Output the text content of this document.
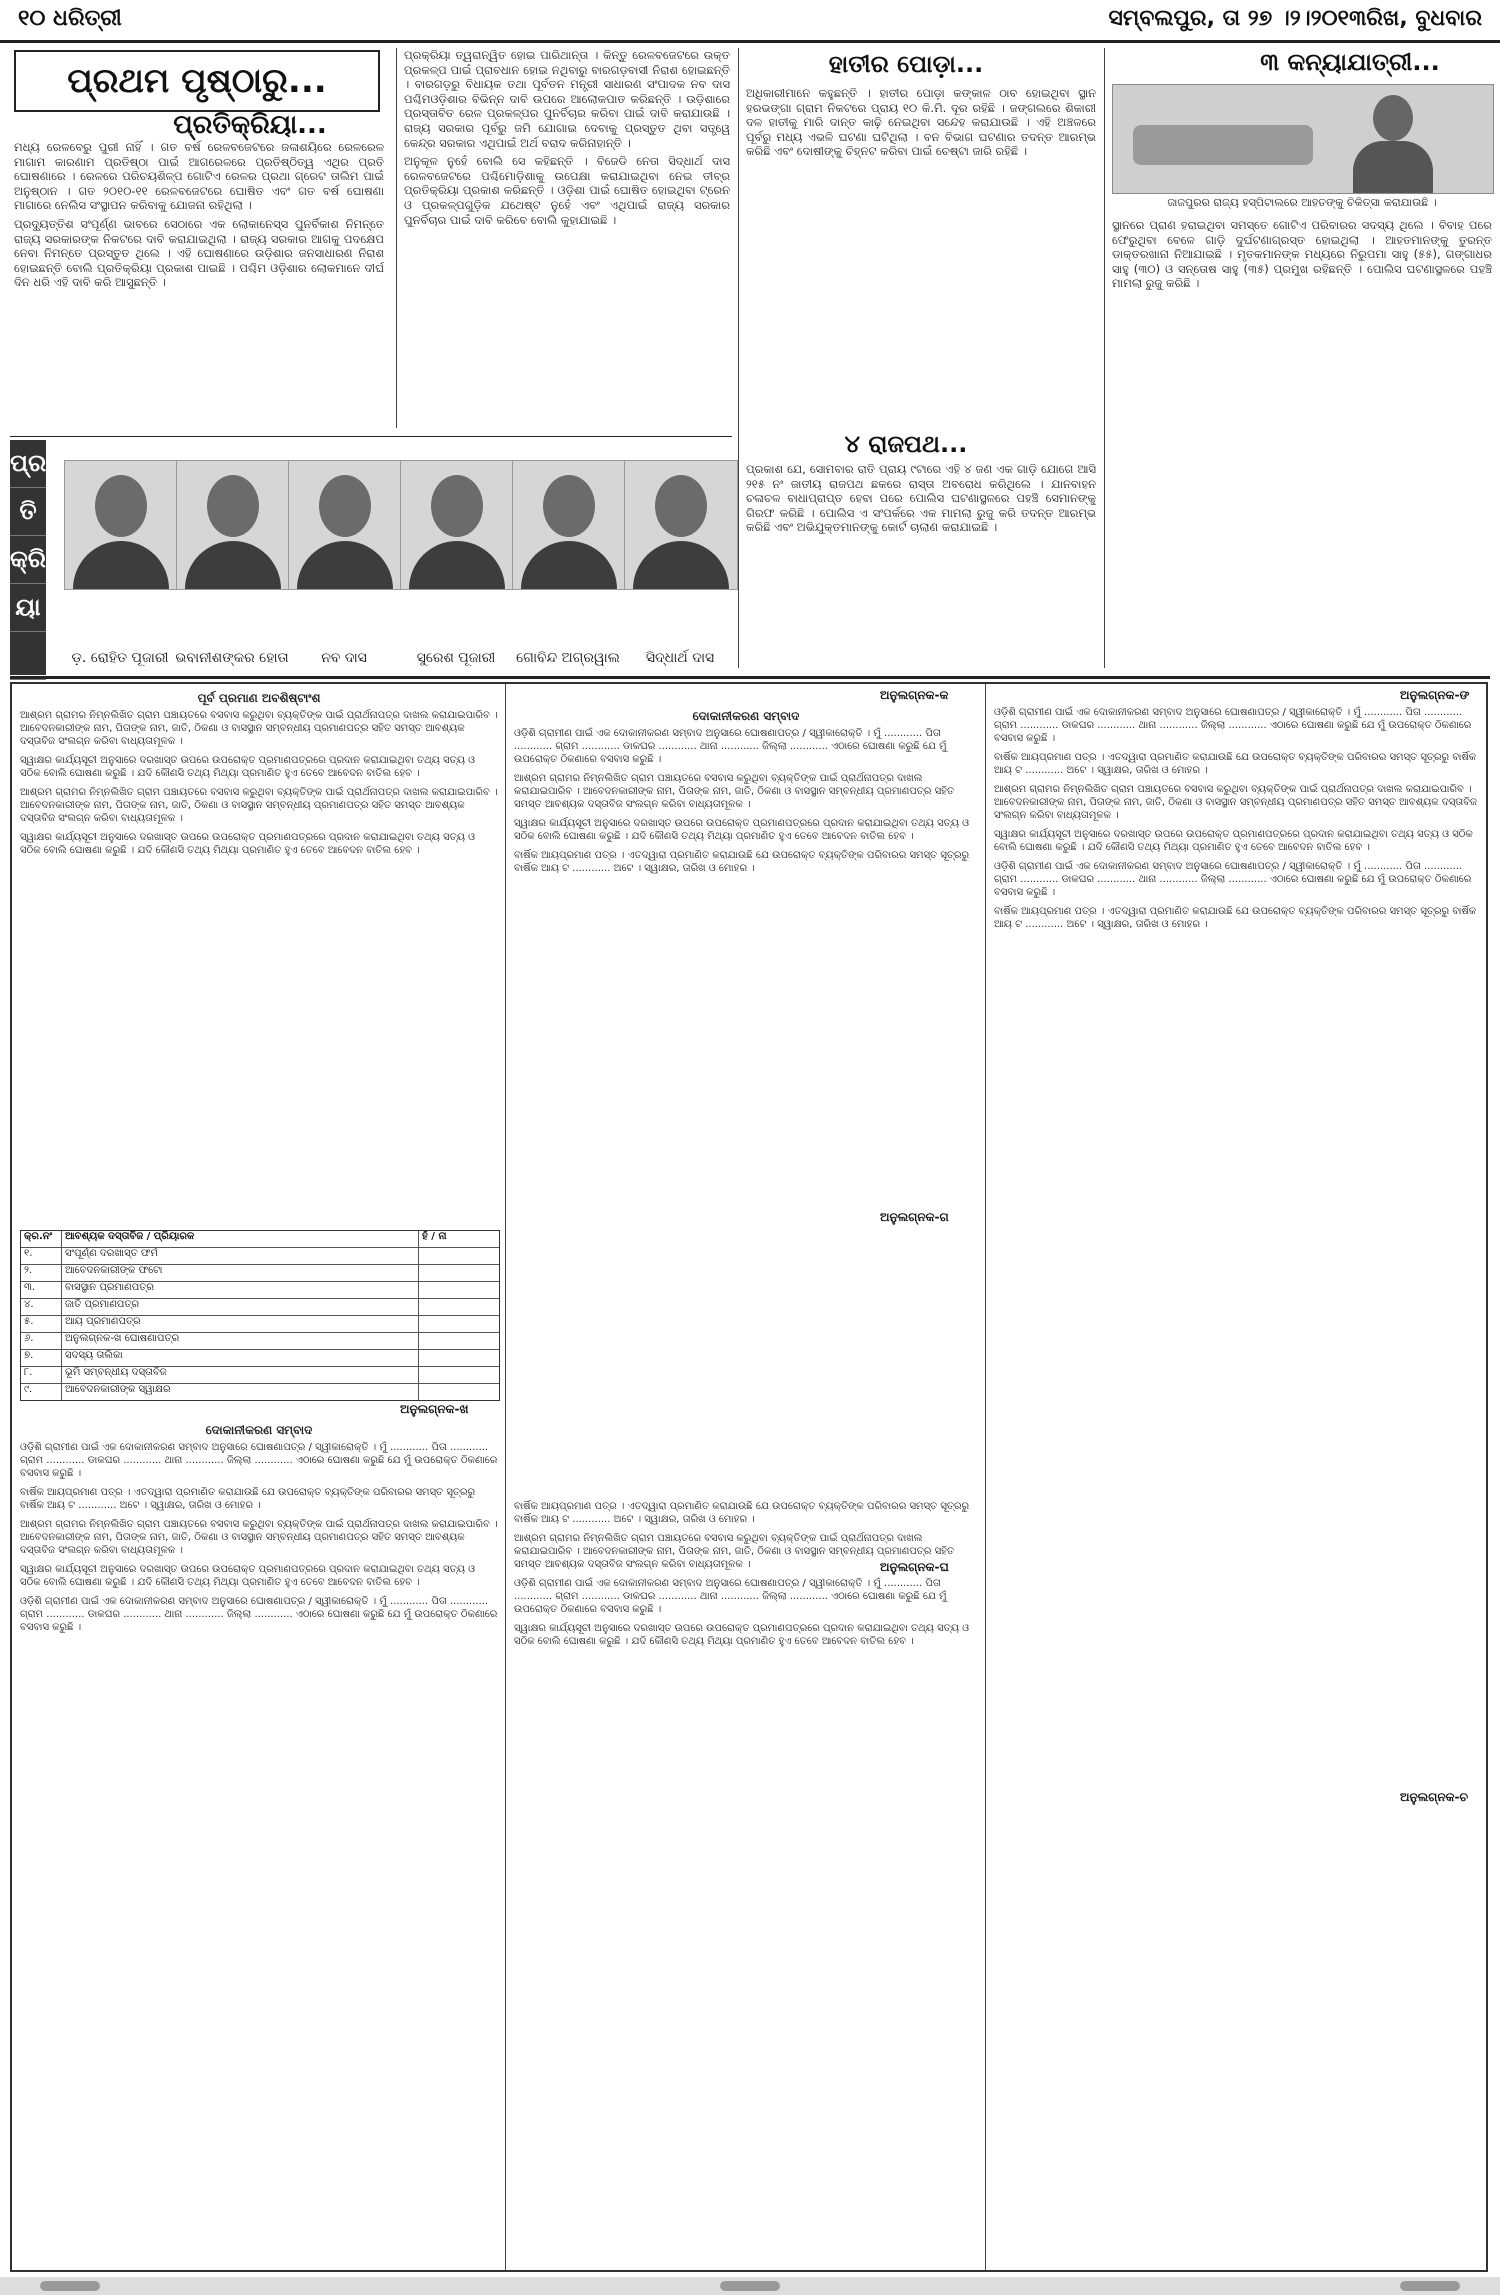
୧୦ ଧରିତ୍ରୀ	ସମ୍ବଲପୁର, ତା ୨୭ ।୨।୨୦୧୩ରିଖ, ବୁଧବାର
ପ୍ରଥମ ପୃଷ୍ଠାରୁ...
ପ୍ରତିକ୍ରିୟା...

ମଧ୍ୟ ରେଳବେରୁ ପୁରୀ ନାହିଁ । ଗତ ବର୍ଷ ରେଳବଜେଟରେ ଜଳାଶୟିରେ ରେଳରେଳ ମାଗାମ କାରଣାମ ପ୍ରତିଷ୍ଠା ପାଇଁ ଆଗରେଳରେ ପ୍ରତିଷ୍ଠିତ୍ୱ ଏଥିର ପ୍ରତି ଘୋଷଣାରେ । ରେଳରେ ପରିଚୟଶିଳ୍ପ ଗୋଟିଏ ରେଳର ପ୍ରଥା ଗ୍ରେଟ ତାଲିମ ପାଇଁ ଅନୁଷ୍ଠାନ । ଗତ ୨୦୧୦-୧୧ ରେଳବଜେଟରେ ଘୋଷିତ ଏବଂ ଗତ ବର୍ଷ ଘୋଷଣା ମାଗାରେ ନେଲିସ ସଂସ୍ଥାପନ କରିବାକୁ ଯୋଜନା ରହିଥିଲା ।

ପ୍ରଦ୍ୟୁତ୍ତିଶ ସଂପୂର୍ଣ୍ଣ ଭାବରେ ସେଠାରେ ଏକ ଲୋକାନେସ୍ସ ପୁନର୍ବିକାଶ ନିମନ୍ତେ ରାଜ୍ୟ ସରକାରଙ୍କ ନିକଟରେ ଦାବି କରାଯାଇଥିଲା । ରାଜ୍ୟ ସରକାର ଆଗକୁ ପଦକ୍ଷେପ ନେବା ନିମନ୍ତେ ପ୍ରସ୍ତୁତ ଥିଲେ । ଏହି ଘୋଷଣାରେ ଉଡ଼ିଶାର ଜନସାଧାରଣ ନିରାଶ ହୋଇଛନ୍ତି ବୋଲି ପ୍ରତିକ୍ରିୟା ପ୍ରକାଶ ପାଇଛି । ପଶ୍ଚିମ ଓଡ଼ିଶାର ଲୋକମାନେ ଦୀର୍ଘ ଦିନ ଧରି ଏହି ଦାବି କରି ଆସୁଛନ୍ତି ।

ପ୍ରକ୍ରିୟା ତ୍ୱରାନ୍ୱିତ ହୋଇ ପାରିଥାନ୍ତା । କିନ୍ତୁ ରେଳବଜେଟରେ ଉକ୍ତ ପ୍ରକଳ୍ପ ପାଇଁ ପ୍ରାବଧାନ ହୋଇ ନଥିବାରୁ ବାରଗଡ଼ବାସୀ ନିରାଶ ହୋଇଛନ୍ତି । ବାରଗଡ଼ରୁ ବିଧାୟକ ତଥା ପୂର୍ବତନ ମନ୍ତ୍ରୀ ସାଧାରଣ ସଂପାଦକ ନବ ଦାସ ପଶ୍ଚିମଓଡ଼ିଶାର ବିଭିନ୍ନ ଦାବି ଉପରେ ଆଲୋକପାତ କରିଛନ୍ତି । ଉଡ଼ିଶାରେ ପ୍ରସ୍ତାବିତ ରେଳ ପ୍ରକଳ୍ପର ପୁନର୍ବିଚାର କରିବା ପାଇଁ ଦାବି କରାଯାଉଛି । ରାଜ୍ୟ ସରକାର ପୂର୍ବରୁ ଜମି ଯୋଗାଇ ଦେବାକୁ ପ୍ରସ୍ତୁତ ଥିବା ସତ୍ତ୍ୱେ କେନ୍ଦ୍ର ସରକାର ଏଥିପାଇଁ ଅର୍ଥ ବରାଦ କରିନାହାନ୍ତି ।

ଅନୁକୂଳ ନୁହେଁ ବୋଲି ସେ କହିଛନ୍ତି । ବିଜେଡି ନେତା ସିଦ୍ଧାର୍ଥ ଦାସ ରେଳବଜେଟରେ ପଶ୍ଚିମୋଡ଼ିଶାକୁ ଉପେକ୍ଷା କରାଯାଇଥିବା ନେଇ ତୀବ୍ର ପ୍ରତିକ୍ରିୟା ପ୍ରକାଶ କରିଛନ୍ତି । ଓଡ଼ିଶା ପାଇଁ ଘୋଷିତ ହୋଇଥିବା ଟ୍ରେନ ଓ ପ୍ରକଳ୍ପଗୁଡ଼ିକ ଯଥେଷ୍ଟ ନୁହେଁ ଏବଂ ଏଥିପାଇଁ ରାଜ୍ୟ ସରକାର ପୁନର୍ବିଚାର ପାଇଁ ଦାବି କରିବେ ବୋଲି କୁହାଯାଇଛି ।

ପ୍ର
ତି
କ୍ରି
ୟା
ଡ଼. ରୋହିତ ପୂଜାରୀ ଭବାନୀଶଙ୍କର ହୋତା	ନବ ଦାସ	ସୁରେଶ ପୂଜାରୀ	ଗୋବିନ୍ଦ ଅଗ୍ରୱାଲ	ସିଦ୍ଧାର୍ଥ ଦାସ
ହାତୀର ପୋଡ଼ା...
ଅଧିକାରୀମାନେ କହୁଛନ୍ତି । ହାତୀର ପୋଡ଼ା କଙ୍କାଳ ଠାବ ହୋଇଥିବା ସ୍ଥାନ ହରଭଙ୍ଗା ଗ୍ରାମ ନିକଟରେ ପ୍ରାୟ ୧୦ କି.ମି. ଦୂର ରହିଛି । ଜଙ୍ଗଲରେ ଶିକାରୀ ଦଳ ହାତୀକୁ ମାରି ଦାନ୍ତ କାଢ଼ି ନେଇଥିବା ସନ୍ଦେହ କରାଯାଉଛି । ଏହି ଅଞ୍ଚଳରେ ପୂର୍ବରୁ ମଧ୍ୟ ଏଭଳି ଘଟଣା ଘଟିଥିଲା । ବନ ବିଭାଗ ଘଟଣାର ତଦନ୍ତ ଆରମ୍ଭ କରିଛି ଏବଂ ଦୋଷୀଙ୍କୁ ଚିହ୍ନଟ କରିବା ପାଇଁ ଚେଷ୍ଟା ଜାରି ରହିଛି ।
୪ ରାଜପଥ...
ପ୍ରକାଶ ଯେ, ସୋମବାର ରାତି ପ୍ରାୟ ୯ଟାରେ ଏହି ୪ ଜଣ ଏକ ଗାଡ଼ି ଯୋଗେ ଆସି ୨୧୫ ନଂ ଜାତୀୟ ରାଜପଥ ଛକରେ ରାସ୍ତା ଅବରୋଧ କରିଥିଲେ । ଯାନବାହନ ଚଳାଚଳ ବାଧାପ୍ରାପ୍ତ ହେବା ପରେ ପୋଲିସ ଘଟଣାସ୍ଥଳରେ ପହଞ୍ଚି ସେମାନଙ୍କୁ ଗିରଫ କରିଛି । ପୋଲିସ ଏ ସଂପର୍କରେ ଏକ ମାମଲା ରୁଜୁ କରି ତଦନ୍ତ ଆରମ୍ଭ କରିଛି ଏବଂ ଅଭିଯୁକ୍ତମାନଙ୍କୁ କୋର୍ଟ ଚାଲାଣ କରାଯାଇଛି ।
୩ କନ୍ୟାଯାତ୍ରୀ...
ଜାଜପୁରର ରାଜ୍ୟ ହସ୍ପିଟାଲରେ ଆହତଙ୍କୁ ଚିକିତ୍ସା କରାଯାଉଛି ।
ସ୍ଥାନରେ ପ୍ରାଣ ହରାଇଥିବା ସମସ୍ତେ ଗୋଟିଏ ପରିବାରର ସଦସ୍ୟ ଥିଲେ । ବିବାହ ପରେ ଫେରୁଥିବା ବେଳେ ଗାଡ଼ି ଦୁର୍ଘଟଣାଗ୍ରସ୍ତ ହୋଇଥିଲା । ଆହତମାନଙ୍କୁ ତୁରନ୍ତ ଡାକ୍ତରଖାନା ନିଆଯାଇଛି । ମୃତକମାନଙ୍କ ମଧ୍ୟରେ ନିରୁପମା ସାହୁ (୫୫), ଗଙ୍ଗାଧର ସାହୁ (୩୦) ଓ ସନ୍ତୋଷ ସାହୁ (୩୫) ପ୍ରମୁଖ ରହିଛନ୍ତି । ପୋଲିସ ଘଟଣାସ୍ଥଳରେ ପହଞ୍ଚି ମାମଲା ରୁଜୁ କରିଛି ।
ପୂର୍ବ ପ୍ରମାଣ ଅବଶିଷ୍ଟାଂଶ
ଆଶ୍ରମ ଗ୍ରାମର ନିମ୍ନଲିଖିତ ଗ୍ରାମ ପଞ୍ଚାୟତରେ ବସବାସ କରୁଥିବା ବ୍ୟକ୍ତିଙ୍କ ପାଇଁ ପ୍ରାର୍ଥନାପତ୍ର ଦାଖଲ କରାଯାଇପାରିବ । ଆବେଦନକାରୀଙ୍କ ନାମ, ପିତାଙ୍କ ନାମ, ଜାତି, ଠିକଣା ଓ ବାସସ୍ଥାନ ସମ୍ବନ୍ଧୀୟ ପ୍ରମାଣପତ୍ର ସହିତ ସମସ୍ତ ଆବଶ୍ୟକ ଦସ୍ତାବିଜ ସଂଲଗ୍ନ କରିବା ବାଧ୍ୟତାମୂଳକ ।
ସ୍ୱାକ୍ଷର କାର୍ଯ୍ୟସୂଚୀ ଅନୁସାରେ ଦରଖାସ୍ତ ଉପରେ ଉପରୋକ୍ତ ପ୍ରମାଣପତ୍ରରେ ପ୍ରଦାନ କରାଯାଇଥିବା ତଥ୍ୟ ସତ୍ୟ ଓ ସଠିକ ବୋଲି ଘୋଷଣା କରୁଛି । ଯଦି କୌଣସି ତଥ୍ୟ ମିଥ୍ୟା ପ୍ରମାଣିତ ହୁଏ ତେବେ ଆବେଦନ ବାତିଲ ହେବ ।
ଆଶ୍ରମ ଗ୍ରାମର ନିମ୍ନଲିଖିତ ଗ୍ରାମ ପଞ୍ଚାୟତରେ ବସବାସ କରୁଥିବା ବ୍ୟକ୍ତିଙ୍କ ପାଇଁ ପ୍ରାର୍ଥନାପତ୍ର ଦାଖଲ କରାଯାଇପାରିବ । ଆବେଦନକାରୀଙ୍କ ନାମ, ପିତାଙ୍କ ନାମ, ଜାତି, ଠିକଣା ଓ ବାସସ୍ଥାନ ସମ୍ବନ୍ଧୀୟ ପ୍ରମାଣପତ୍ର ସହିତ ସମସ୍ତ ଆବଶ୍ୟକ ଦସ୍ତାବିଜ ସଂଲଗ୍ନ କରିବା ବାଧ୍ୟତାମୂଳକ ।
ସ୍ୱାକ୍ଷର କାର୍ଯ୍ୟସୂଚୀ ଅନୁସାରେ ଦରଖାସ୍ତ ଉପରେ ଉପରୋକ୍ତ ପ୍ରମାଣପତ୍ରରେ ପ୍ରଦାନ କରାଯାଇଥିବା ତଥ୍ୟ ସତ୍ୟ ଓ ସଠିକ ବୋଲି ଘୋଷଣା କରୁଛି । ଯଦି କୌଣସି ତଥ୍ୟ ମିଥ୍ୟା ପ୍ରମାଣିତ ହୁଏ ତେବେ ଆବେଦନ ବାତିଲ ହେବ ।
କ୍ର.ନଂ	ଆବଶ୍ୟକ ଦସ୍ତାବିଜ / ପ୍ରିୟାରକ	ହଁ / ନା
୧.	ସଂପୂର୍ଣ୍ଣ ଦରଖାସ୍ତ ଫର୍ମ
୨.	ଆବେଦନକାରୀଙ୍କ ଫଟୋ
୩.	ବାସସ୍ଥାନ ପ୍ରମାଣପତ୍ର
୪.	ଜାତି ପ୍ରମାଣପତ୍ର
୫.	ଆୟ ପ୍ରମାଣପତ୍ର
୬.	ଅନୁଲଗ୍ନକ-ଖ ଘୋଷଣାପତ୍ର
୭.	ସଦସ୍ୟ ତାଲିକା
୮.	ଭୂମି ସମ୍ବନ୍ଧୀୟ ଦସ୍ତାବିଜ
୯.	ଆବେଦନକାରୀଙ୍କ ସ୍ୱାକ୍ଷର
ଅନୁଲଗ୍ନକ-ଖ
ଦୋକାନୀକରଣ ସମ୍ବାଦ
ଓଡ଼ିଶି ଗ୍ରାମୀଣ ପାଇଁ ଏକ ଦୋକାନୀକରଣ ସମ୍ବାଦ ଅନୁସାରେ ଘୋଷଣାପତ୍ର / ସ୍ୱୀକାରୋକ୍ତି । ମୁଁ ............ ପିତା ............ ଗ୍ରାମ ............ ଡାକଘର ............ ଥାନା ............ ଜିଲ୍ଲା ............ ଏଠାରେ ଘୋଷଣା କରୁଛି ଯେ ମୁଁ ଉପରୋକ୍ତ ଠିକଣାରେ ବସବାସ କରୁଛି ।
ବାର୍ଷିକ ଆୟପ୍ରମାଣ ପତ୍ର । ଏତଦ୍ୱାରା ପ୍ରମାଣିତ କରାଯାଉଛି ଯେ ଉପରୋକ୍ତ ବ୍ୟକ୍ତିଙ୍କ ପରିବାରର ସମସ୍ତ ସୂତ୍ରରୁ ବାର୍ଷିକ ଆୟ ଟ ............ ଅଟେ । ସ୍ୱାକ୍ଷର, ତାରିଖ ଓ ମୋହର ।
ଆଶ୍ରମ ଗ୍ରାମର ନିମ୍ନଲିଖିତ ଗ୍ରାମ ପଞ୍ଚାୟତରେ ବସବାସ କରୁଥିବା ବ୍ୟକ୍ତିଙ୍କ ପାଇଁ ପ୍ରାର୍ଥନାପତ୍ର ଦାଖଲ କରାଯାଇପାରିବ । ଆବେଦନକାରୀଙ୍କ ନାମ, ପିତାଙ୍କ ନାମ, ଜାତି, ଠିକଣା ଓ ବାସସ୍ଥାନ ସମ୍ବନ୍ଧୀୟ ପ୍ରମାଣପତ୍ର ସହିତ ସମସ୍ତ ଆବଶ୍ୟକ ଦସ୍ତାବିଜ ସଂଲଗ୍ନ କରିବା ବାଧ୍ୟତାମୂଳକ ।
ସ୍ୱାକ୍ଷର କାର୍ଯ୍ୟସୂଚୀ ଅନୁସାରେ ଦରଖାସ୍ତ ଉପରେ ଉପରୋକ୍ତ ପ୍ରମାଣପତ୍ରରେ ପ୍ରଦାନ କରାଯାଇଥିବା ତଥ୍ୟ ସତ୍ୟ ଓ ସଠିକ ବୋଲି ଘୋଷଣା କରୁଛି । ଯଦି କୌଣସି ତଥ୍ୟ ମିଥ୍ୟା ପ୍ରମାଣିତ ହୁଏ ତେବେ ଆବେଦନ ବାତିଲ ହେବ ।
ଓଡ଼ିଶି ଗ୍ରାମୀଣ ପାଇଁ ଏକ ଦୋକାନୀକରଣ ସମ୍ବାଦ ଅନୁସାରେ ଘୋଷଣାପତ୍ର / ସ୍ୱୀକାରୋକ୍ତି । ମୁଁ ............ ପିତା ............ ଗ୍ରାମ ............ ଡାକଘର ............ ଥାନା ............ ଜିଲ୍ଲା ............ ଏଠାରେ ଘୋଷଣା କରୁଛି ଯେ ମୁଁ ଉପରୋକ୍ତ ଠିକଣାରେ ବସବାସ କରୁଛି ।
ଅନୁଲଗ୍ନକ-କ
ଦୋକାନୀକରଣ ସମ୍ବାଦ
ଓଡ଼ିଶି ଗ୍ରାମୀଣ ପାଇଁ ଏକ ଦୋକାନୀକରଣ ସମ୍ବାଦ ଅନୁସାରେ ଘୋଷଣାପତ୍ର / ସ୍ୱୀକାରୋକ୍ତି । ମୁଁ ............ ପିତା ............ ଗ୍ରାମ ............ ଡାକଘର ............ ଥାନା ............ ଜିଲ୍ଲା ............ ଏଠାରେ ଘୋଷଣା କରୁଛି ଯେ ମୁଁ ଉପରୋକ୍ତ ଠିକଣାରେ ବସବାସ କରୁଛି ।
ଆଶ୍ରମ ଗ୍ରାମର ନିମ୍ନଲିଖିତ ଗ୍ରାମ ପଞ୍ଚାୟତରେ ବସବାସ କରୁଥିବା ବ୍ୟକ୍ତିଙ୍କ ପାଇଁ ପ୍ରାର୍ଥନାପତ୍ର ଦାଖଲ କରାଯାଇପାରିବ । ଆବେଦନକାରୀଙ୍କ ନାମ, ପିତାଙ୍କ ନାମ, ଜାତି, ଠିକଣା ଓ ବାସସ୍ଥାନ ସମ୍ବନ୍ଧୀୟ ପ୍ରମାଣପତ୍ର ସହିତ ସମସ୍ତ ଆବଶ୍ୟକ ଦସ୍ତାବିଜ ସଂଲଗ୍ନ କରିବା ବାଧ୍ୟତାମୂଳକ ।
ସ୍ୱାକ୍ଷର କାର୍ଯ୍ୟସୂଚୀ ଅନୁସାରେ ଦରଖାସ୍ତ ଉପରେ ଉପରୋକ୍ତ ପ୍ରମାଣପତ୍ରରେ ପ୍ରଦାନ କରାଯାଇଥିବା ତଥ୍ୟ ସତ୍ୟ ଓ ସଠିକ ବୋଲି ଘୋଷଣା କରୁଛି । ଯଦି କୌଣସି ତଥ୍ୟ ମିଥ୍ୟା ପ୍ରମାଣିତ ହୁଏ ତେବେ ଆବେଦନ ବାତିଲ ହେବ ।
ବାର୍ଷିକ ଆୟପ୍ରମାଣ ପତ୍ର । ଏତଦ୍ୱାରା ପ୍ରମାଣିତ କରାଯାଉଛି ଯେ ଉପରୋକ୍ତ ବ୍ୟକ୍ତିଙ୍କ ପରିବାରର ସମସ୍ତ ସୂତ୍ରରୁ ବାର୍ଷିକ ଆୟ ଟ ............ ଅଟେ । ସ୍ୱାକ୍ଷର, ତାରିଖ ଓ ମୋହର ।
ଅନୁଲଗ୍ନକ-ଗ
ଅନୁଲଗ୍ନକ-ଘ
ବାର୍ଷିକ ଆୟପ୍ରମାଣ ପତ୍ର । ଏତଦ୍ୱାରା ପ୍ରମାଣିତ କରାଯାଉଛି ଯେ ଉପରୋକ୍ତ ବ୍ୟକ୍ତିଙ୍କ ପରିବାରର ସମସ୍ତ ସୂତ୍ରରୁ ବାର୍ଷିକ ଆୟ ଟ ............ ଅଟେ । ସ୍ୱାକ୍ଷର, ତାରିଖ ଓ ମୋହର ।
ଆଶ୍ରମ ଗ୍ରାମର ନିମ୍ନଲିଖିତ ଗ୍ରାମ ପଞ୍ଚାୟତରେ ବସବାସ କରୁଥିବା ବ୍ୟକ୍ତିଙ୍କ ପାଇଁ ପ୍ରାର୍ଥନାପତ୍ର ଦାଖଲ କରାଯାଇପାରିବ । ଆବେଦନକାରୀଙ୍କ ନାମ, ପିତାଙ୍କ ନାମ, ଜାତି, ଠିକଣା ଓ ବାସସ୍ଥାନ ସମ୍ବନ୍ଧୀୟ ପ୍ରମାଣପତ୍ର ସହିତ ସମସ୍ତ ଆବଶ୍ୟକ ଦସ୍ତାବିଜ ସଂଲଗ୍ନ କରିବା ବାଧ୍ୟତାମୂଳକ ।
ଓଡ଼ିଶି ଗ୍ରାମୀଣ ପାଇଁ ଏକ ଦୋକାନୀକରଣ ସମ୍ବାଦ ଅନୁସାରେ ଘୋଷଣାପତ୍ର / ସ୍ୱୀକାରୋକ୍ତି । ମୁଁ ............ ପିତା ............ ଗ୍ରାମ ............ ଡାକଘର ............ ଥାନା ............ ଜିଲ୍ଲା ............ ଏଠାରେ ଘୋଷଣା କରୁଛି ଯେ ମୁଁ ଉପରୋକ୍ତ ଠିକଣାରେ ବସବାସ କରୁଛି ।
ସ୍ୱାକ୍ଷର କାର୍ଯ୍ୟସୂଚୀ ଅନୁସାରେ ଦରଖାସ୍ତ ଉପରେ ଉପରୋକ୍ତ ପ୍ରମାଣପତ୍ରରେ ପ୍ରଦାନ କରାଯାଇଥିବା ତଥ୍ୟ ସତ୍ୟ ଓ ସଠିକ ବୋଲି ଘୋଷଣା କରୁଛି । ଯଦି କୌଣସି ତଥ୍ୟ ମିଥ୍ୟା ପ୍ରମାଣିତ ହୁଏ ତେବେ ଆବେଦନ ବାତିଲ ହେବ ।
ଅନୁଲଗ୍ନକ-ଙ
ଓଡ଼ିଶି ଗ୍ରାମୀଣ ପାଇଁ ଏକ ଦୋକାନୀକରଣ ସମ୍ବାଦ ଅନୁସାରେ ଘୋଷଣାପତ୍ର / ସ୍ୱୀକାରୋକ୍ତି । ମୁଁ ............ ପିତା ............ ଗ୍ରାମ ............ ଡାକଘର ............ ଥାନା ............ ଜିଲ୍ଲା ............ ଏଠାରେ ଘୋଷଣା କରୁଛି ଯେ ମୁଁ ଉପରୋକ୍ତ ଠିକଣାରେ ବସବାସ କରୁଛି ।
ବାର୍ଷିକ ଆୟପ୍ରମାଣ ପତ୍ର । ଏତଦ୍ୱାରା ପ୍ରମାଣିତ କରାଯାଉଛି ଯେ ଉପରୋକ୍ତ ବ୍ୟକ୍ତିଙ୍କ ପରିବାରର ସମସ୍ତ ସୂତ୍ରରୁ ବାର୍ଷିକ ଆୟ ଟ ............ ଅଟେ । ସ୍ୱାକ୍ଷର, ତାରିଖ ଓ ମୋହର ।
ଆଶ୍ରମ ଗ୍ରାମର ନିମ୍ନଲିଖିତ ଗ୍ରାମ ପଞ୍ଚାୟତରେ ବସବାସ କରୁଥିବା ବ୍ୟକ୍ତିଙ୍କ ପାଇଁ ପ୍ରାର୍ଥନାପତ୍ର ଦାଖଲ କରାଯାଇପାରିବ । ଆବେଦନକାରୀଙ୍କ ନାମ, ପିତାଙ୍କ ନାମ, ଜାତି, ଠିକଣା ଓ ବାସସ୍ଥାନ ସମ୍ବନ୍ଧୀୟ ପ୍ରମାଣପତ୍ର ସହିତ ସମସ୍ତ ଆବଶ୍ୟକ ଦସ୍ତାବିଜ ସଂଲଗ୍ନ କରିବା ବାଧ୍ୟତାମୂଳକ ।
ସ୍ୱାକ୍ଷର କାର୍ଯ୍ୟସୂଚୀ ଅନୁସାରେ ଦରଖାସ୍ତ ଉପରେ ଉପରୋକ୍ତ ପ୍ରମାଣପତ୍ରରେ ପ୍ରଦାନ କରାଯାଇଥିବା ତଥ୍ୟ ସତ୍ୟ ଓ ସଠିକ ବୋଲି ଘୋଷଣା କରୁଛି । ଯଦି କୌଣସି ତଥ୍ୟ ମିଥ୍ୟା ପ୍ରମାଣିତ ହୁଏ ତେବେ ଆବେଦନ ବାତିଲ ହେବ ।
ଓଡ଼ିଶି ଗ୍ରାମୀଣ ପାଇଁ ଏକ ଦୋକାନୀକରଣ ସମ୍ବାଦ ଅନୁସାରେ ଘୋଷଣାପତ୍ର / ସ୍ୱୀକାରୋକ୍ତି । ମୁଁ ............ ପିତା ............ ଗ୍ରାମ ............ ଡାକଘର ............ ଥାନା ............ ଜିଲ୍ଲା ............ ଏଠାରେ ଘୋଷଣା କରୁଛି ଯେ ମୁଁ ଉପରୋକ୍ତ ଠିକଣାରେ ବସବାସ କରୁଛି ।
ବାର୍ଷିକ ଆୟପ୍ରମାଣ ପତ୍ର । ଏତଦ୍ୱାରା ପ୍ରମାଣିତ କରାଯାଉଛି ଯେ ଉପରୋକ୍ତ ବ୍ୟକ୍ତିଙ୍କ ପରିବାରର ସମସ୍ତ ସୂତ୍ରରୁ ବାର୍ଷିକ ଆୟ ଟ ............ ଅଟେ । ସ୍ୱାକ୍ଷର, ତାରିଖ ଓ ମୋହର ।
ଅନୁଲଗ୍ନକ-ଚ
